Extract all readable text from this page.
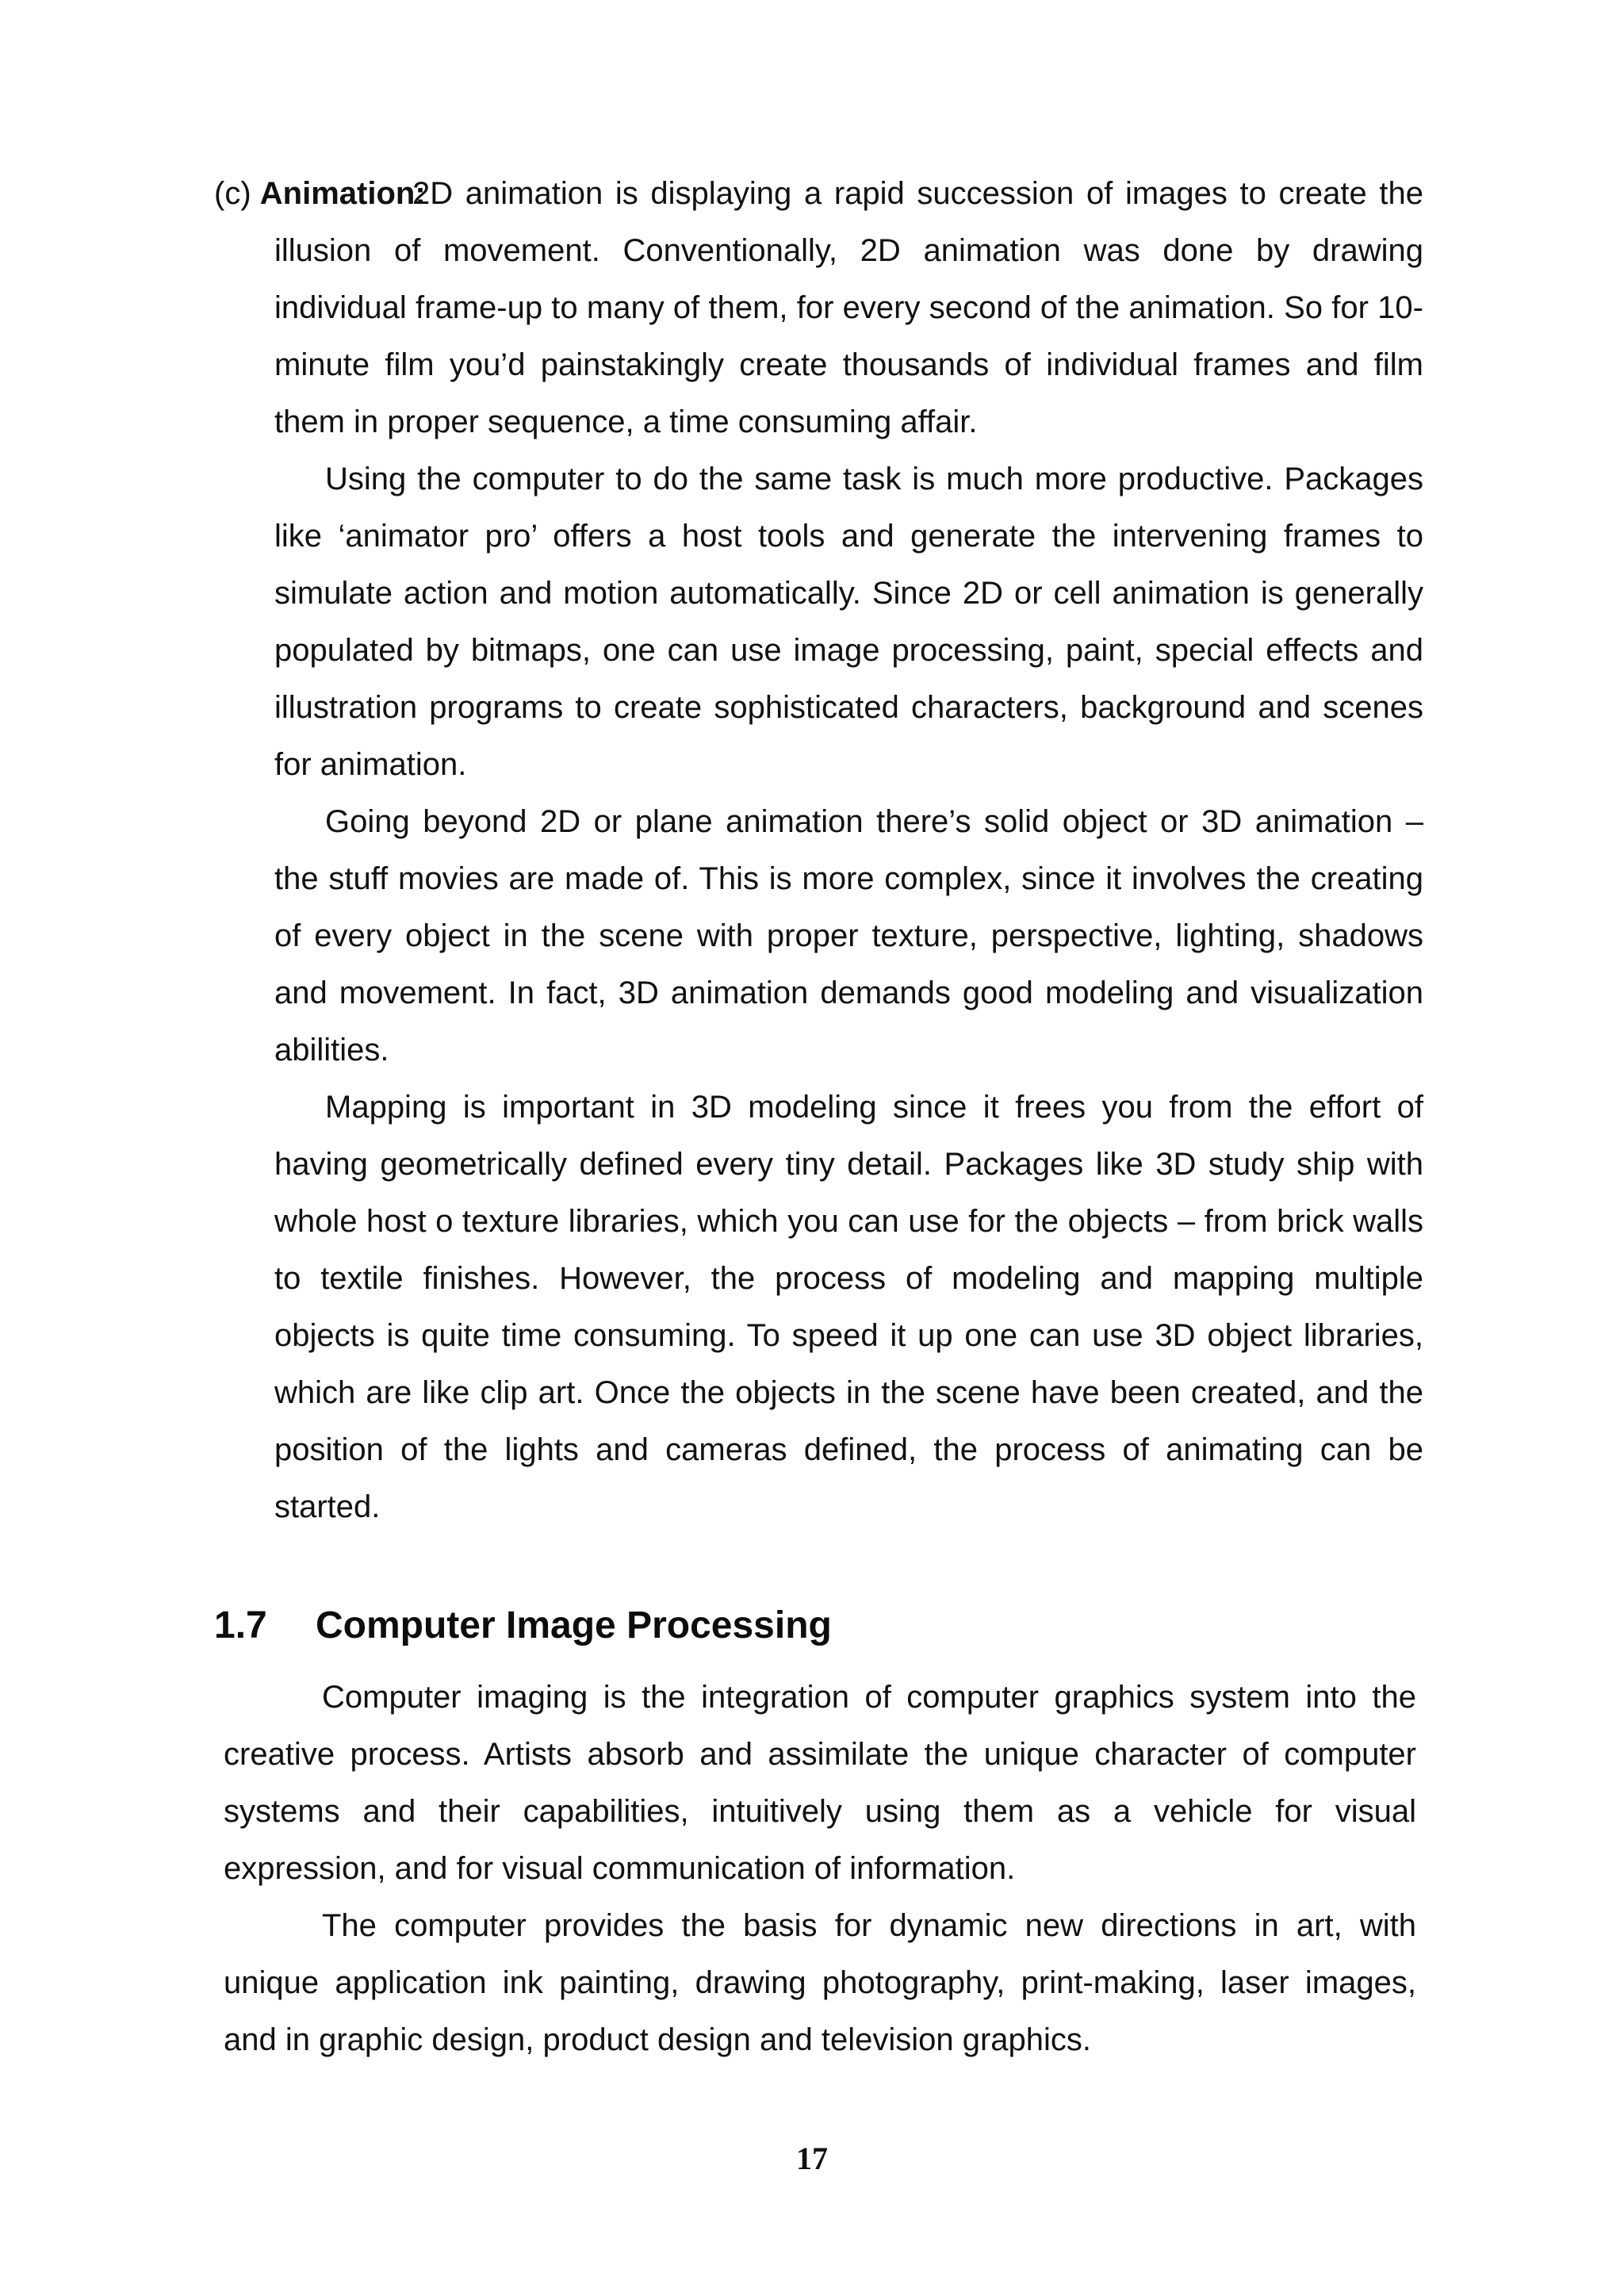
(c) Animation:

2D animation is displaying a rapid succession of images to create the illusion of movement. Conventionally, 2D animation was done by drawing individual frame-up to many of them, for every second of the animation. So for 10-minute film you’d painstakingly create thousands of individual frames and film them in proper sequence, a time consuming affair.

Using the computer to do the same task is much more productive. Packages like ‘animator pro’ offers a host tools and generate the intervening frames to simulate action and motion automatically. Since 2D or cell animation is generally populated by bitmaps, one can use image processing, paint, special effects and illustration programs to create sophisticated characters, background and scenes for animation.

Going beyond 2D or plane animation there’s solid object or 3D animation – the stuff movies are made of. This is more complex, since it involves the creating of every object in the scene with proper texture, perspective, lighting, shadows and movement. In fact, 3D animation demands good modeling and visualization abilities.

Mapping is important in 3D modeling since it frees you from the effort of having geometrically defined every tiny detail. Packages like 3D study ship with whole host o texture libraries, which you can use for the objects – from brick walls to textile finishes. However, the process of modeling and mapping multiple objects is quite time consuming. To speed it up one can use 3D object libraries, which are like clip art. Once the objects in the scene have been created, and the position of the lights and cameras defined, the process of animating can be started.

1.7 Computer Image Processing

Computer imaging is the integration of computer graphics system into the creative process. Artists absorb and assimilate the unique character of computer systems and their capabilities, intuitively using them as a vehicle for visual expression, and for visual communication of information.

The computer provides the basis for dynamic new directions in art, with unique application ink painting, drawing photography, print-making, laser images, and in graphic design, product design and television graphics.

17
